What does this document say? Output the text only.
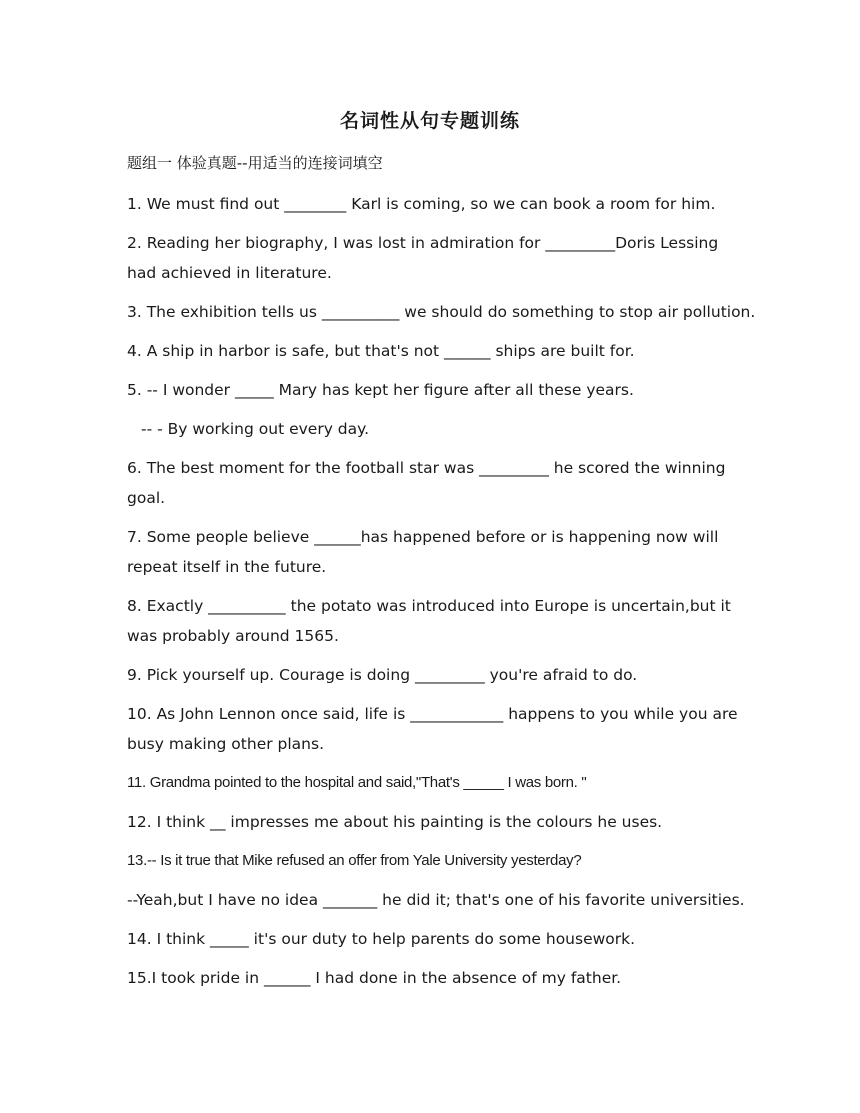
名词性从句专题训练
题组一 体验真题--用适当的连接词填空

1. We must find out ________ Karl is coming, so we can book a room for him.

2. Reading her biography, I was lost in admiration for _________Doris Lessing had achieved in literature.

3. The exhibition tells us __________ we should do something to stop air pollution.

4. A ship in harbor is safe, but that's not ______ ships are built for.

5. -- I wonder _____ Mary has kept her figure after all these years.

-- - By working out every day.

6. The best moment for the football star was _________ he scored the winning goal.

7. Some people believe ______has happened before or is happening now will repeat itself in the future.

8. Exactly __________ the potato was introduced into Europe is uncertain,but it was probably around 1565.

9. Pick yourself up. Courage is doing _________ you're afraid to do.

10. As John Lennon once said, life is ____________ happens to you while you are busy making other plans.

11. Grandma pointed to the hospital and said,"That's _____ I was born. "

12. I think __ impresses me about his painting is the colours he uses.

13.-- Is it true that Mike refused an offer from Yale University yesterday?

--Yeah,but I have no idea _______ he did it; that's one of his favorite universities.

14. I think _____ it's our duty to help parents do some housework.

15.I took pride in ______ I had done in the absence of my father.
